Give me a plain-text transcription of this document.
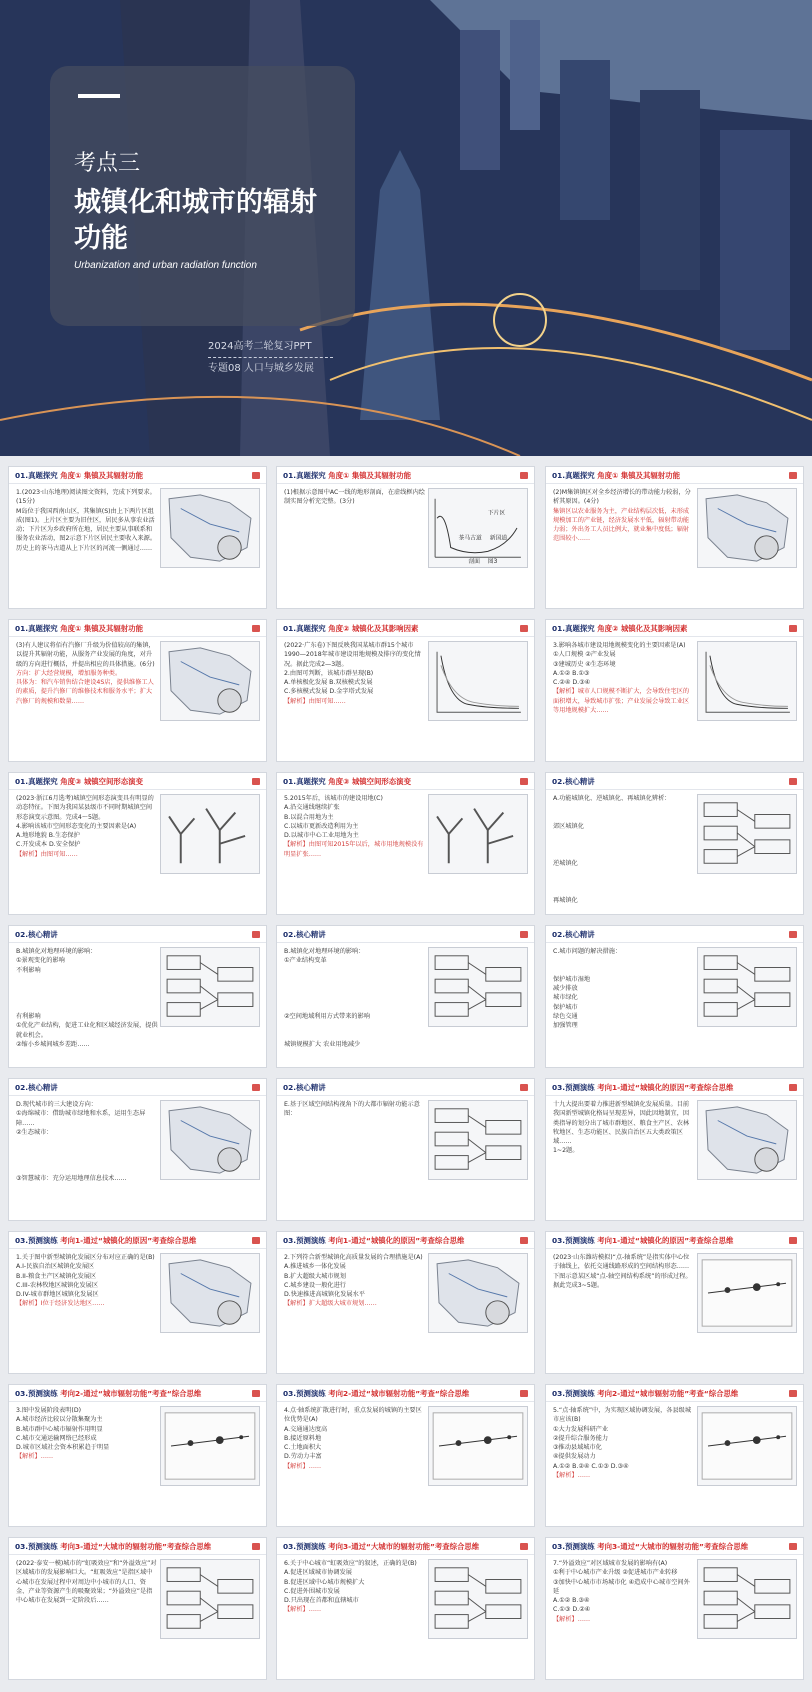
考点三
城镇化和城市的辐射功能
Urbanization and urban radiation function
2024高考二轮复习PPT
专题08 人口与城乡发展
01.真题探究 角度① 集镇及其辐射功能
1.(2023·山东地理)阅读图文资料，完成下列要求。(15分)
M岛位于我国西南山区，其集镇(S)由上下两片区组成(图1)。上片区主要为旧住区，居民多从事农业活动；下片区为乡政府所在地，居民主要从事联系和服务农业活动，图2示意下片区居民主要收入来源。
历史上的茶马古道从上下片区的河流一侧通过……
01.真题探究 角度① 集镇及其辐射功能
(1)根据示意图中AC一线的地形剖面，在虚线框内绘制实图分析充完整。(3分)
下片区
茶马古道 新国道
剖面 图3
01.真题探究 角度① 集镇及其辐射功能
(2)M集镇镇区对全乡经济增长的带动能力较弱，分析其原因。(4分)
集镇区以农业服务为主，产业结构层次低，未形成规模加工的产业链，经济发展水平低，辐射带动能力弱；外出务工人员比例大，就业集中度低；辐射范围较小……
01.真题探究 角度① 集镇及其辐射功能
(3)有人建议将佰有汽修厂升级为价值较高的集镇，以提升其辐射功能，从服务产业发展的角度，对升级的方向进行概括，并提出相应的具体措施。(6分)
方向：扩大经营规模，增加服务种类。
具体为：和汽车销售结合建设4S店，提供维修工人的素质，提升汽修厂的维修技术和服务水平；扩大汽修厂的规模和数量……
01.真题探究 角度② 城镇化及其影响因素
(2022·广东卷)下图反映我国某城市群15个城市1990—2018年城市建设用地规模及排序的变化情况。据此完成2—3题。
2.由图可判断，该城市群呈现(B)
A.单核极化发展 B.双核模式发展
C.多核模式发展 D.金字塔式发展
【解析】由图可知……
01.真题探究 角度② 城镇化及其影响因素
3.影响各城市建设用地规模变化的主要因素是(A)
①人口规模 ②产业发展
③建城历史 ④生态环境
A.①② B.①③
C.②④ D.③④
【解析】城市人口规模不断扩大，会导致住宅区的面积增大，导致城市扩张；产业发展会导致工业区等用地规模扩大……
01.真题探究 角度③ 城镇空间形态演变
(2023·浙江6月选考)城镇空间形态演变具有明显的动态特征。下图为我国某县级市不同时期城镇空间形态演变示意图。完成4～5题。
4.影响该城市空间形态变化的主要因素是(A)
A.地形地貌 B.生态保护
C.开发成本 D.安全保护
【解析】由图可知……
01.真题探究 角度③ 城镇空间形态演变
5.2015年后，该城市的建设用地(C)
A.沿交通线继续扩张
B.以混合用地为主
C.以城市更新改造利用为主
D.以城市中心工业用地为主
【解析】由图可知2015年以后，城市用地规模没有明显扩张……
02.核心精讲
A.功能城镇化、逆城镇化、再城镇化辨析：

郊区城镇化

逆城镇化

再城镇化
02.核心精讲
B.城镇化对地理环境的影响：
①景观变化的影响
不利影响

有利影响
①优化产业结构，促进工业化和区域经济发展，提供就业机会。
②缩小乡城间城乡差距……
02.核心精讲
B.城镇化对地理环境的影响：
①产业结构变革

②空间地域利用方式带来的影响

城镇规模扩大 农业用地减少
02.核心精讲
C.城市问题的解决措施：

保护城市湿地
减少排放
城市绿化
保护城市
绿色交通
加强管理
02.核心精讲
D.现代城市的三大建设方向：
①海绵城市：借助城市绿地和水系，运用生态屏障……
②生态城市：

③智慧城市：充分运用地理信息技术……
02.核心精讲
E.基于区域空间结构视角下的大都市辐射功能示意图：

03.预测演练 考向1-通过“城镇化的原因”考查综合思维
十九大提出要着力推进新型城镇化发展质量。目前我国新型城镇化格局呈现差异，因此因地制宜，因类指导的划分出了城市群地区、粮食主产区、农林牧地区、生态功能区、民族自治区五大类政策区域……
1~2题。
03.预测演练 考向1-通过“城镇化的原因”考查综合思维
1.关于图中新型城镇化发展区分布对应正确的是(B)
A.I-民族自治区城镇化发展区
B.II-粮食主产区城镇化发展区
C.III-农林牧地区城镇化发展区
D.IV-城市群地区城镇化发展区
【解析】I位于经济发达地区……
03.预测演练 考向1-通过“城镇化的原因”考查综合思维
2.下列符合新型城镇化高质量发展的合理措施是(A)
A.推进城乡一体化发展
B.扩大超级大城市规划
C.城乡建设一般化进行
D.快速推进高城镇化发展水平
【解析】扩大超级大城市规划……
03.预测演练 考向1-通过“城镇化的原因”考查综合思维
(2023·山东潍坊模拟)“点-轴系统”是指实体中心位于轴线上，依托交通线路形成的空间结构形态……下图示意某区域“点-轴空间结构系统”的形成过程。据此完成3~5题。
03.预测演练 考向2-通过“城市辐射功能”考查“综合思维
3.图中发展阶段表明(D)
A.城市经济比较以分散集聚为主
B.城市群中心城市辐射作用明显
C.城市交通运输网络已经形成
D.城市区域社会资本积累趋于明显
【解析】……
03.预测演练 考向2-通过“城市辐射功能”考查“综合思维
4.点·轴系统扩散进行时，重点发展的城镇的主要区位优势是(A)
A.交通通达度高
B.接近原料地
C.土地面积大
D.劳动力丰富
【解析】……
03.预测演练 考向2-通过“城市辐射功能”考查“综合思维
5.“点·轴系统”中，为实现区域协调发展，各县级城市应该(B)
①大力发展科研产业
②提升综合服务能力
③推动县域城市化
④提供发展动力
A.①② B.②④ C.①③ D.③④
【解析】……
03.预测演练 考向3-通过“大城市的辐射功能”考查综合思维
(2022·泰安一模)城市的“虹吸效应”和“外溢效应”对区域城市的发展影响巨大。“虹吸效应”是指区域中心城市在发展过程中对周边中小城市的人口、资金、产业等资源产生的吸聚效果；“外溢效应”是指中心城市在发展到一定阶段后……
03.预测演练 考向3-通过“大城市的辐射功能”考查综合思维
6.关于中心城市“虹吸效应”的叙述，正确的是(B)
A.促进区域城市协调发展
B.促进区域中心城市规模扩大
C.促进外围城市发展
D.只出现在首都和直辖城市
【解析】……
03.预测演练 考向3-通过“大城市的辐射功能”考查综合思维
7.“外溢效应”对区域城市发展的影响有(A)
①利于中心城市产业升级 ②促进城市产业转移
③加快中心城市市场城市化 ④造成中心城市空间外延
A.①② B.③④
C.①③ D.②④
【解析】……
